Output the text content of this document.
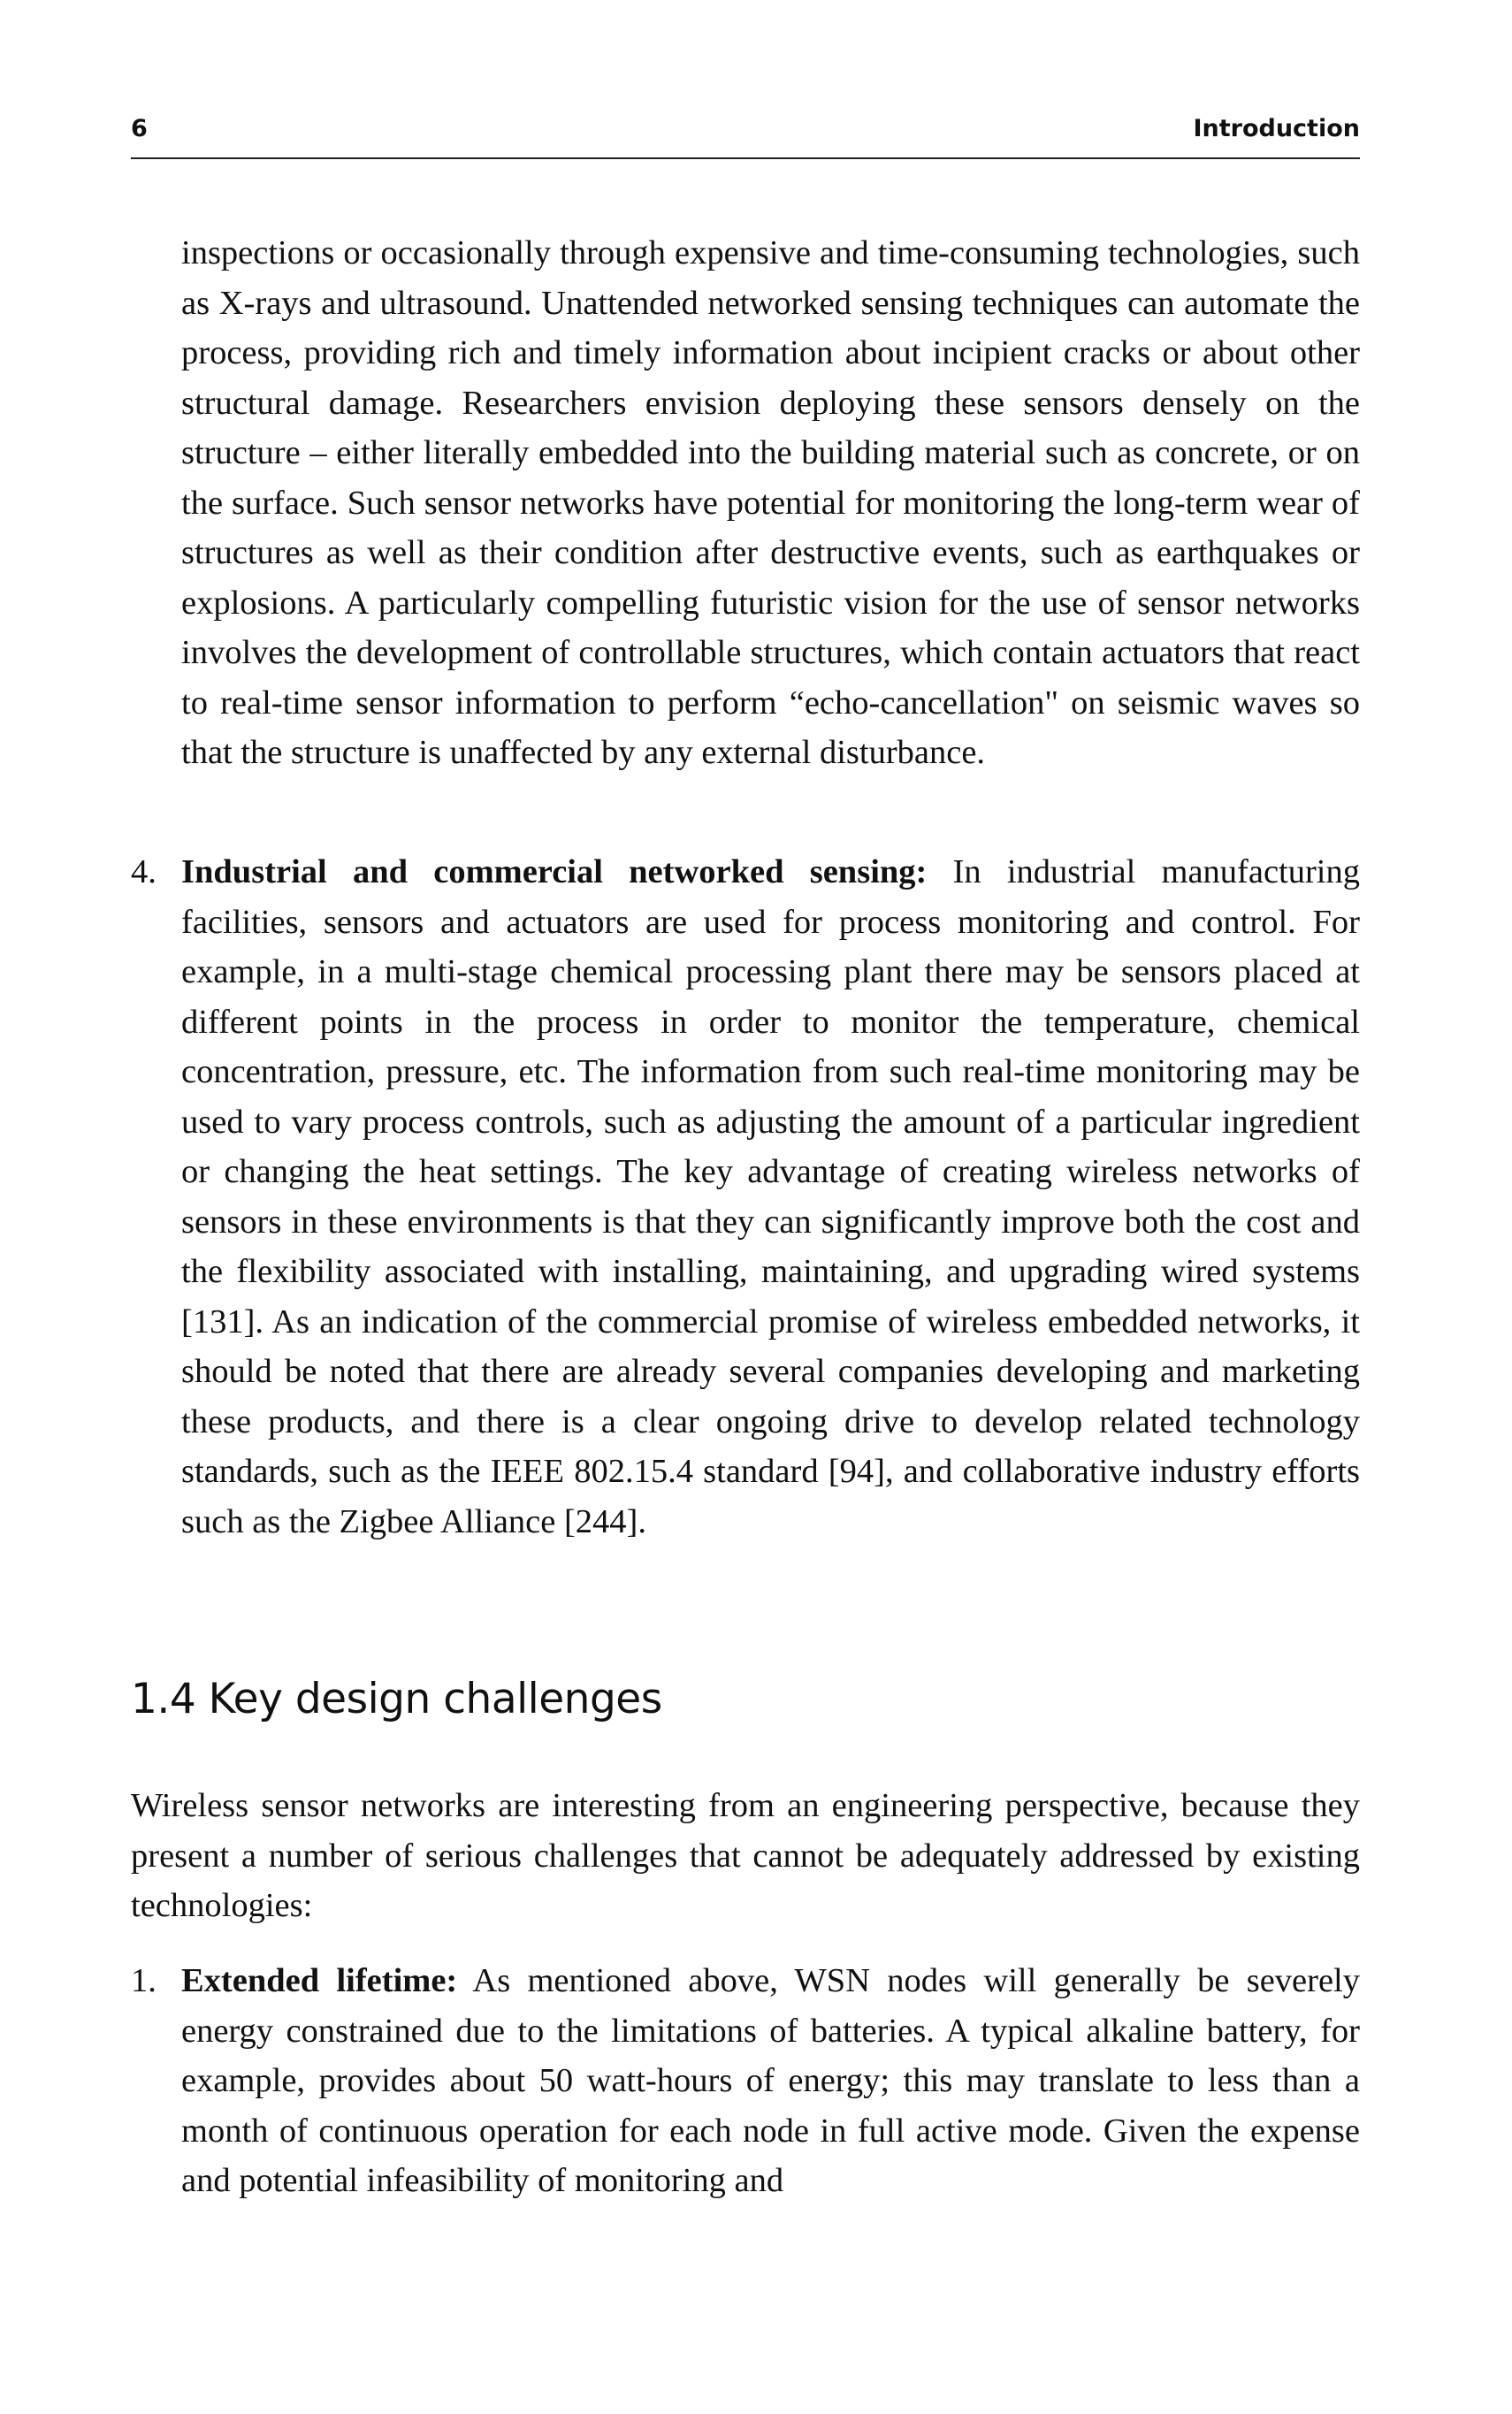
6	Introduction

inspections or occasionally through expensive and time-consuming technologies, such as X-rays and ultrasound. Unattended networked sensing techniques can automate the process, providing rich and timely information about incipient cracks or about other structural damage. Researchers envision deploying these sensors densely on the structure – either literally embedded into the building material such as concrete, or on the surface. Such sensor networks have potential for monitoring the long-term wear of structures as well as their condition after destructive events, such as earthquakes or explosions. A particularly compelling futuristic vision for the use of sensor networks involves the development of controllable structures, which contain actuators that react to real-time sensor information to perform “echo-cancellation" on seismic waves so that the structure is unaffected by any external disturbance.

4. Industrial and commercial networked sensing: In industrial manufacturing facilities, sensors and actuators are used for process monitoring and control. For example, in a multi-stage chemical processing plant there may be sensors placed at different points in the process in order to monitor the temperature, chemical concentration, pressure, etc. The information from such real-time monitoring may be used to vary process controls, such as adjusting the amount of a particular ingredient or changing the heat settings. The key advantage of creating wireless networks of sensors in these environments is that they can significantly improve both the cost and the flexibility associated with installing, maintaining, and upgrading wired systems [131]. As an indication of the commercial promise of wireless embedded networks, it should be noted that there are already several companies developing and marketing these products, and there is a clear ongoing drive to develop related technology standards, such as the IEEE 802.15.4 standard [94], and collaborative industry efforts such as the Zigbee Alliance [244].
1.4 Key design challenges

Wireless sensor networks are interesting from an engineering perspective, because they present a number of serious challenges that cannot be adequately addressed by existing technologies:

1. Extended lifetime: As mentioned above, WSN nodes will generally be severely energy constrained due to the limitations of batteries. A typical alkaline battery, for example, provides about 50 watt-hours of energy; this may translate to less than a month of continuous operation for each node in full active mode. Given the expense and potential infeasibility of monitoring and
